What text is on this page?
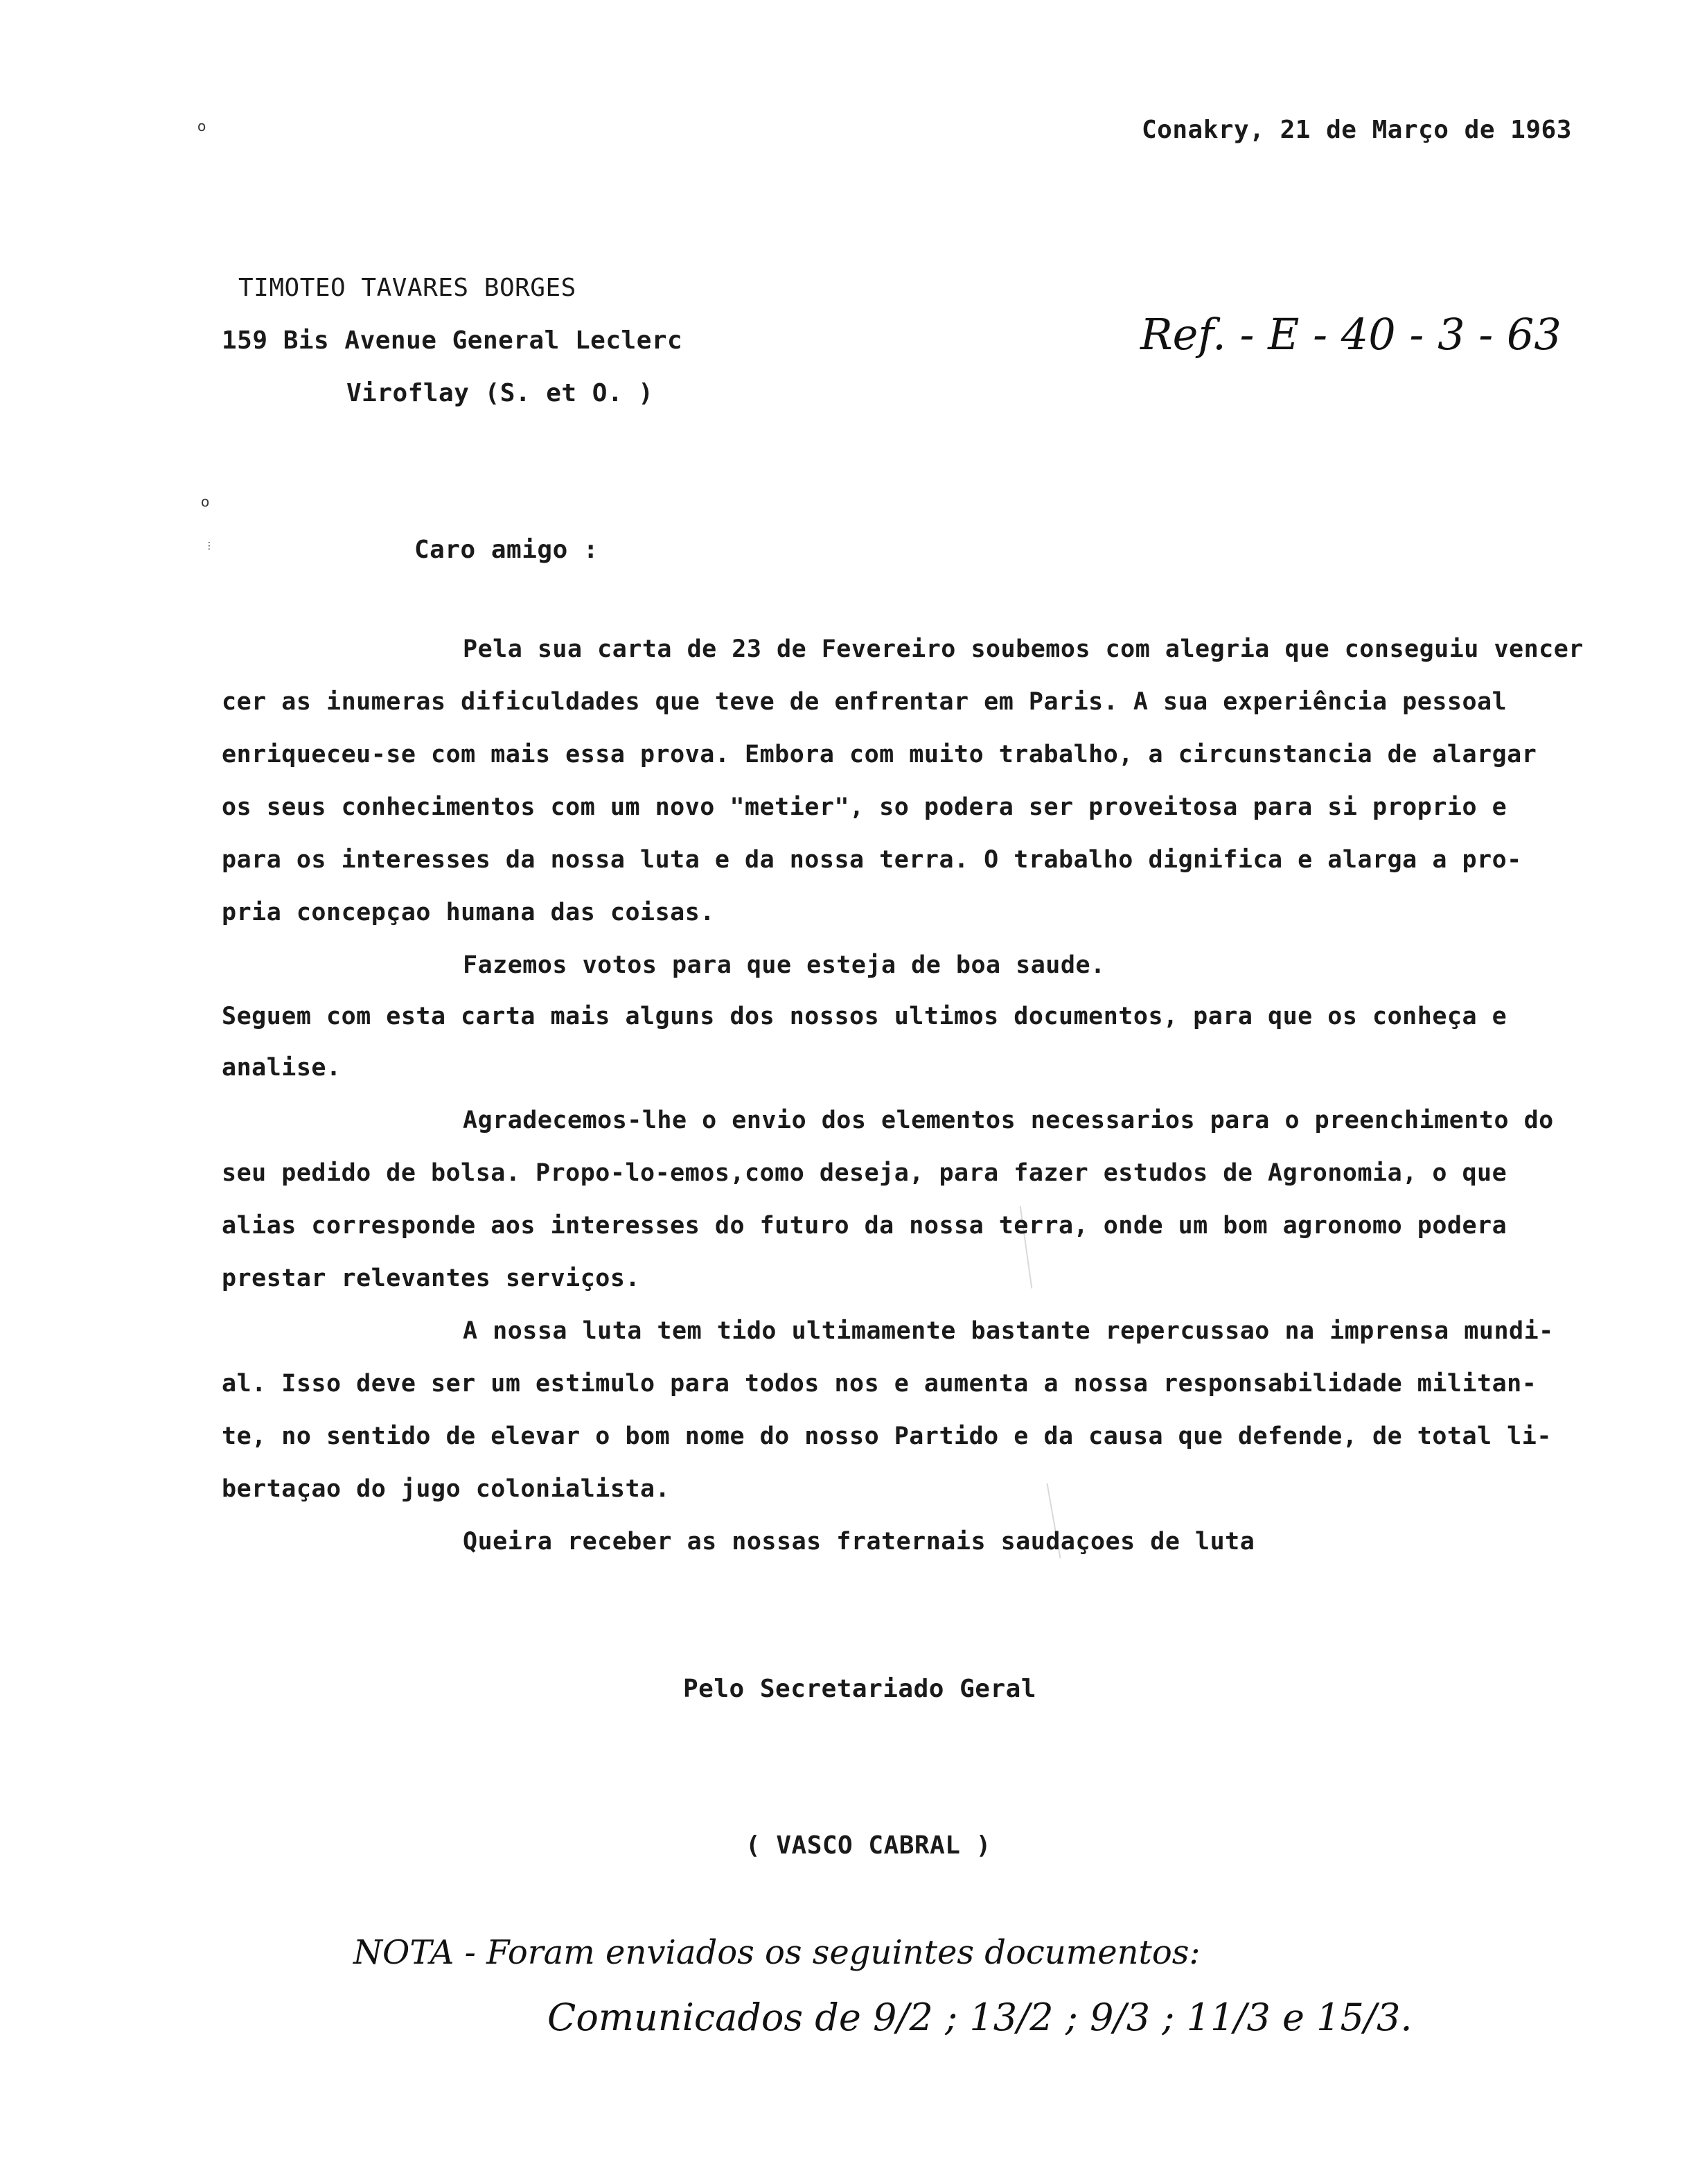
o
o
⋮
Conakry, 21 de Março de 1963
TIMOTEO TAVARES BORGES
159 Bis Avenue General Leclerc
Viroflay (S. et O. )
Ref. - E - 40 - 3 - 63
Caro amigo :
Pela sua carta de 23 de Fevereiro soubemos com alegria que conseguiu vencer
cer as inumeras dificuldades que teve de enfrentar em Paris. A sua experiência pessoal
enriqueceu-se com mais essa prova. Embora com muito trabalho, a circunstancia de alargar
os seus conhecimentos com um novo "metier", so podera ser proveitosa para si proprio e
para os interesses da nossa luta e da nossa terra. O trabalho dignifica e alarga a pro-
pria concepçao humana das coisas.
Fazemos votos para que esteja de boa saude.
Seguem com esta carta mais alguns dos nossos ultimos documentos, para que os conheça e
analise.
Agradecemos-lhe o envio dos elementos necessarios para o preenchimento do
seu pedido de bolsa. Propo-lo-emos,como deseja, para fazer estudos de Agronomia, o que
alias corresponde aos interesses do futuro da nossa terra, onde um bom agronomo podera
prestar relevantes serviços.
A nossa luta tem tido ultimamente bastante repercussao na imprensa mundi-
al. Isso deve ser um estimulo para todos nos e aumenta a nossa responsabilidade militan-
te, no sentido de elevar o bom nome do nosso Partido e da causa que defende, de total li-
bertaçao do jugo colonialista.
Queira receber as nossas fraternais saudaçoes de luta
Pelo Secretariado Geral
( VASCO CABRAL )
NOTA - Foram enviados os seguintes documentos:
Comunicados de 9/2 ; 13/2 ; 9/3 ; 11/3 e 15/3.
